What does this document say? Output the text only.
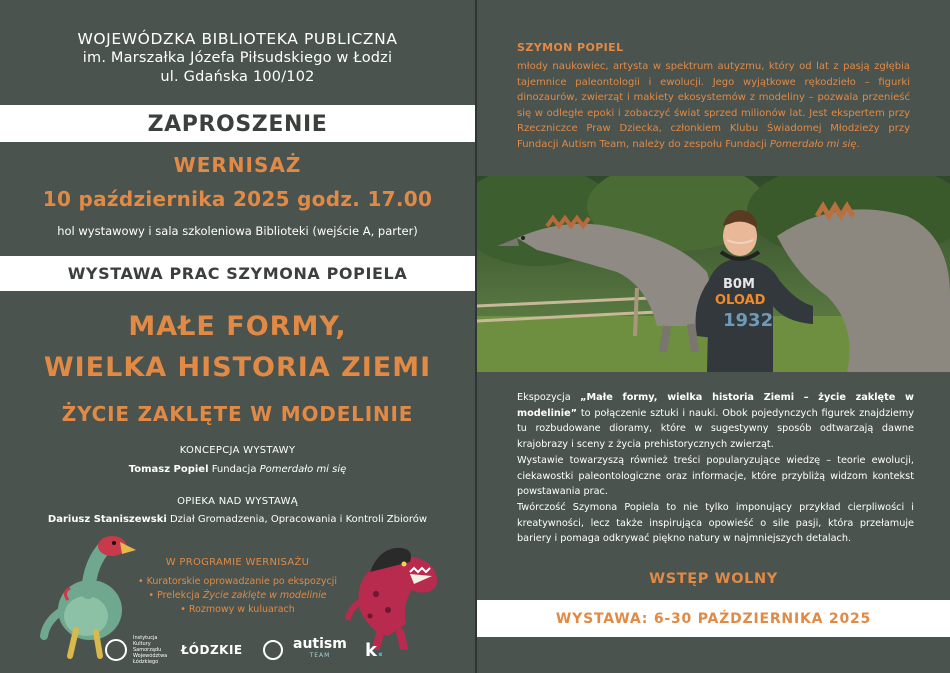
WOJEWÓDZKA BIBLIOTEKA PUBLICZNA
im. Marszałka Józefa Piłsudskiego w Łodzi
ul. Gdańska 100/102
ZAPROSZENIE
WERNISAŻ
10 października 2025 godz. 17.00
hol wystawowy i sala szkoleniowa Biblioteki (wejście A, parter)
WYSTAWA PRAC SZYMONA POPIELA
MAŁE FORMY,
WIELKA HISTORIA ZIEMI
ŻYCIE ZAKLĘTE W MODELINIE
KONCEPCJA WYSTAWY
Tomasz Popiel Fundacja Pomerdało mi się
OPIEKA NAD WYSTAWĄ
Dariusz Staniszewski Dział Gromadzenia, Opracowania i Kontroli Zbiorów
W PROGRAMIE WERNISAŻU
• Kuratorskie oprowadzanie po ekspozycji
• Prelekcja Życie zaklęte w modelinie
• Rozmowy w kuluarach
Instytucja Kultury Samorządu Województwa Łódzkiego
ŁÓDZKIE	autism
TEAM	k.
SZYMON POPIEL
młody naukowiec, artysta w spektrum autyzmu, który od lat z pasją zgłębia tajemnice paleontologii i ewolucji. Jego wyjątkowe rękodzieło – figurki dinozaurów, zwierząt i makiety ekosystemów z modeliny – pozwala przenieść się w odległe epoki i zobaczyć świat sprzed milionów lat. Jest ekspertem przy Rzeczniczce Praw Dziecka, członkiem Klubu Świadomej Młodzieży przy Fundacji Autism Team, należy do zespołu Fundacji Pomerdało mi się.
B0M
OLOAD
1932

Ekspozycja „Małe formy, wielka historia Ziemi – życie zaklęte w modelinie” to połączenie sztuki i nauki. Obok pojedynczych figurek znajdziemy tu rozbudowane dioramy, które w sugestywny sposób odtwarzają dawne krajobrazy i sceny z życia prehistorycznych zwierząt.

Wystawie towarzyszą również treści popularyzujące wiedzę – teorie ewolucji, ciekawostki paleontologiczne oraz informacje, które przybliżą widzom kontekst powstawania prac.

Twórczość Szymona Popiela to nie tylko imponujący przykład cierpliwości i kreatywności, lecz także inspirująca opowieść o sile pasji, która przełamuje bariery i pomaga odkrywać piękno natury w najmniejszych detalach.

WSTĘP WOLNY
WYSTAWA: 6-30 PAŹDZIERNIKA 2025
